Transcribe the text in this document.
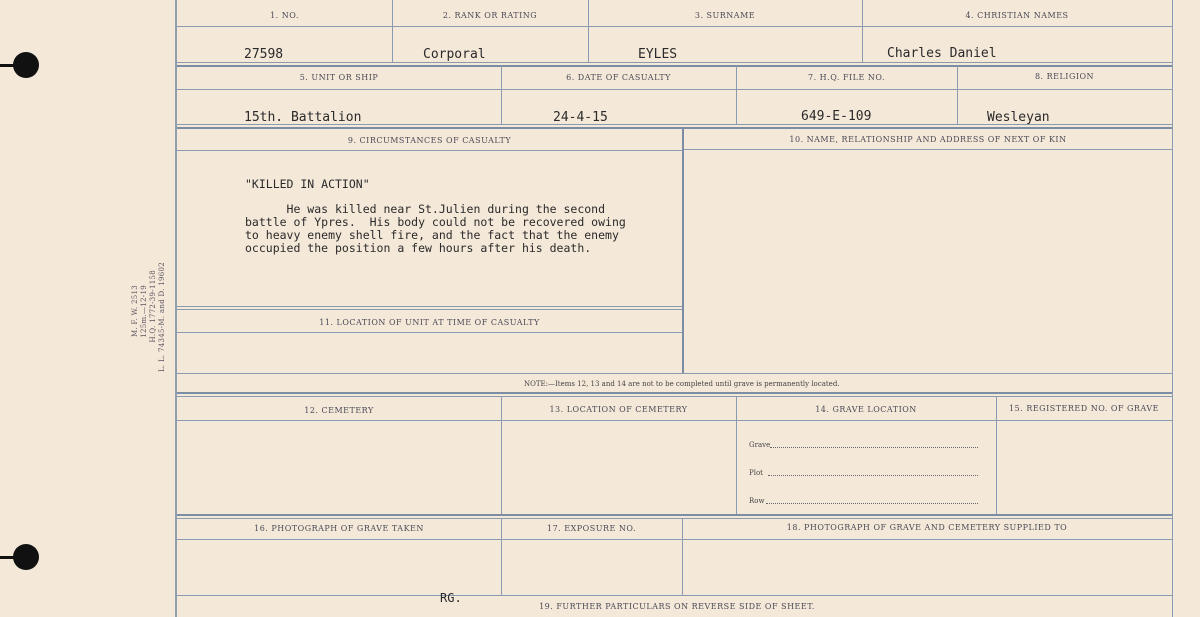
M. F. W. 2513 125m.—12-19 H.Q. 1772-39-1158 L. L. 74345-M. and D. 19602
1. NO.	2. RANK OR RATING	3. SURNAME	4. CHRISTIAN NAMES
27598	Corporal	EYLES	Charles Daniel
5. UNIT OR SHIP	6. DATE OF CASUALTY	7. H.Q. FILE NO.	8. RELIGION
15th. Battalion	24-4-15	649-E-109	Wesleyan
9. CIRCUMSTANCES OF CASUALTY	10. NAME, RELATIONSHIP AND ADDRESS OF NEXT OF KIN
"KILLED IN ACTION"
He was killed near St.Julien during the second
battle of Ypres.  His body could not be recovered owing
to heavy enemy shell fire, and the fact that the enemy
occupied the position a few hours after his death.
11. LOCATION OF UNIT AT TIME OF CASUALTY
NOTE:—Items 12, 13 and 14 are not to be completed until grave is permanently located.
12. CEMETERY	13. LOCATION OF CEMETERY	14. GRAVE LOCATION	15. REGISTERED NO. OF GRAVE
Grave
Plot
Row
16. PHOTOGRAPH OF GRAVE TAKEN	17. EXPOSURE NO.	18. PHOTOGRAPH OF GRAVE AND CEMETERY SUPPLIED TO
RG.
19. FURTHER PARTICULARS ON REVERSE SIDE OF SHEET.
